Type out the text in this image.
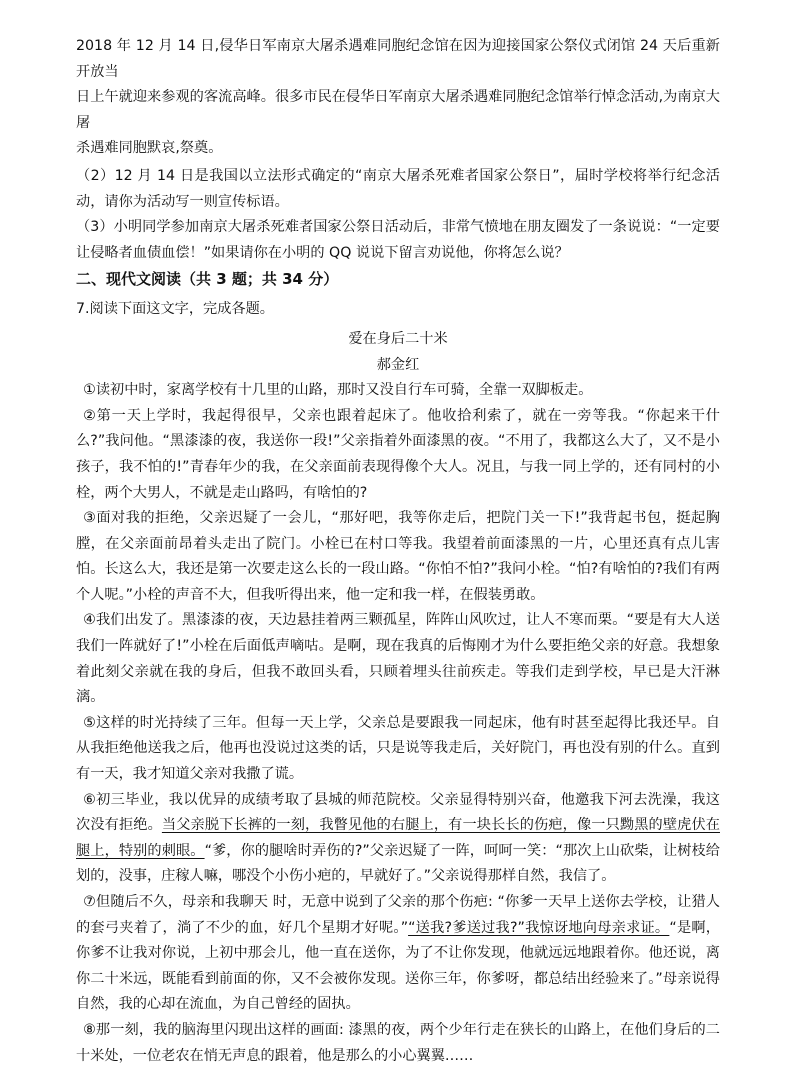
2018 年 12 月 14 日,侵华日军南京大屠杀遇难同胞纪念馆在因为迎接国家公祭仪式闭馆 24 天后重新开放当

日上午就迎来参观的客流高峰。很多市民在侵华日军南京大屠杀遇难同胞纪念馆举行悼念活动,为南京大屠

杀遇难同胞默哀,祭奠。

（2）12 月 14 日是我国以立法形式确定的“南京大屠杀死难者国家公祭日”，届时学校将举行纪念活动，请你为活动写一则宣传标语。

（3）小明同学参加南京大屠杀死难者国家公祭日活动后，非常气愤地在朋友圈发了一条说说：“一定要让侵略者血债血偿！”如果请你在小明的 QQ 说说下留言劝说他，你将怎么说？

二、现代文阅读（共 3 题；共 34 分）

7.阅读下面这文字，完成各题。

爱在身后二十米

郝金红

①读初中时，家离学校有十几里的山路，那时又没自行车可骑，全靠一双脚板走。

②第一天上学时，我起得很早，父亲也跟着起床了。他收拾利索了，就在一旁等我。“你起来干什么?”我问他。“黑漆漆的夜，我送你一段!”父亲指着外面漆黑的夜。“不用了，我都这么大了，又不是小孩子，我不怕的!”青春年少的我，在父亲面前表现得像个大人。况且，与我一同上学的，还有同村的小栓，两个大男人，不就是走山路吗，有啥怕的?

③面对我的拒绝，父亲迟疑了一会儿，“那好吧，我等你走后，把院门关一下!”我背起书包，挺起胸膛，在父亲面前昂着头走出了院门。小栓已在村口等我。我望着前面漆黑的一片，心里还真有点儿害怕。长这么大，我还是第一次要走这么长的一段山路。“你怕不怕?”我问小栓。“怕?有啥怕的?我们有两个人呢。”小栓的声音不大，但我听得出来，他一定和我一样，在假装勇敢。

④我们出发了。黑漆漆的夜，天边悬挂着两三颗孤星，阵阵山风吹过，让人不寒而栗。“要是有大人送我们一阵就好了!”小栓在后面低声嘀咕。是啊，现在我真的后悔刚才为什么要拒绝父亲的好意。我想象着此刻父亲就在我的身后，但我不敢回头看，只顾着埋头往前疾走。等我们走到学校，早已是大汗淋漓。

⑤这样的时光持续了三年。但每一天上学，父亲总是要跟我一同起床，他有时甚至起得比我还早。自从我拒绝他送我之后，他再也没说过这类的话，只是说等我走后，关好院门，再也没有别的什么。直到有一天，我才知道父亲对我撒了谎。

⑥初三毕业，我以优异的成绩考取了县城的师范院校。父亲显得特别兴奋，他邀我下河去洗澡，我这次没有拒绝。当父亲脱下长裤的一刻，我瞥见他的右腿上，有一块长长的伤疤，像一只黝黑的壁虎伏在腿上，特别的刺眼。“爹，你的腿啥时弄伤的?”父亲迟疑了一阵，呵呵一笑：“那次上山砍柴，让树枝给划的，没事，庄稼人嘛，哪没个小伤小疤的，早就好了。”父亲说得那样自然，我信了。

⑦但随后不久，母亲和我聊天 时，无意中说到了父亲的那个伤疤: “你爹一天早上送你去学校，让猎人的套弓夹着了，淌了不少的血，好几个星期才好呢。”“送我?爹送过我?”我惊讶地向母亲求证。“是啊，你爹不让我对你说，上初中那会儿，他一直在送你，为了不让你发现，他就远远地跟着你。他还说，离你二十米远，既能看到前面的你，又不会被你发现。送你三年，你爹呀，都总结出经验来了。”母亲说得自然，我的心却在流血，为自己曾经的固执。

⑧那一刻，我的脑海里闪现出这样的画面: 漆黑的夜，两个少年行走在狭长的山路上，在他们身后的二十米处，一位老农在悄无声息的跟着，他是那么的小心翼翼……
